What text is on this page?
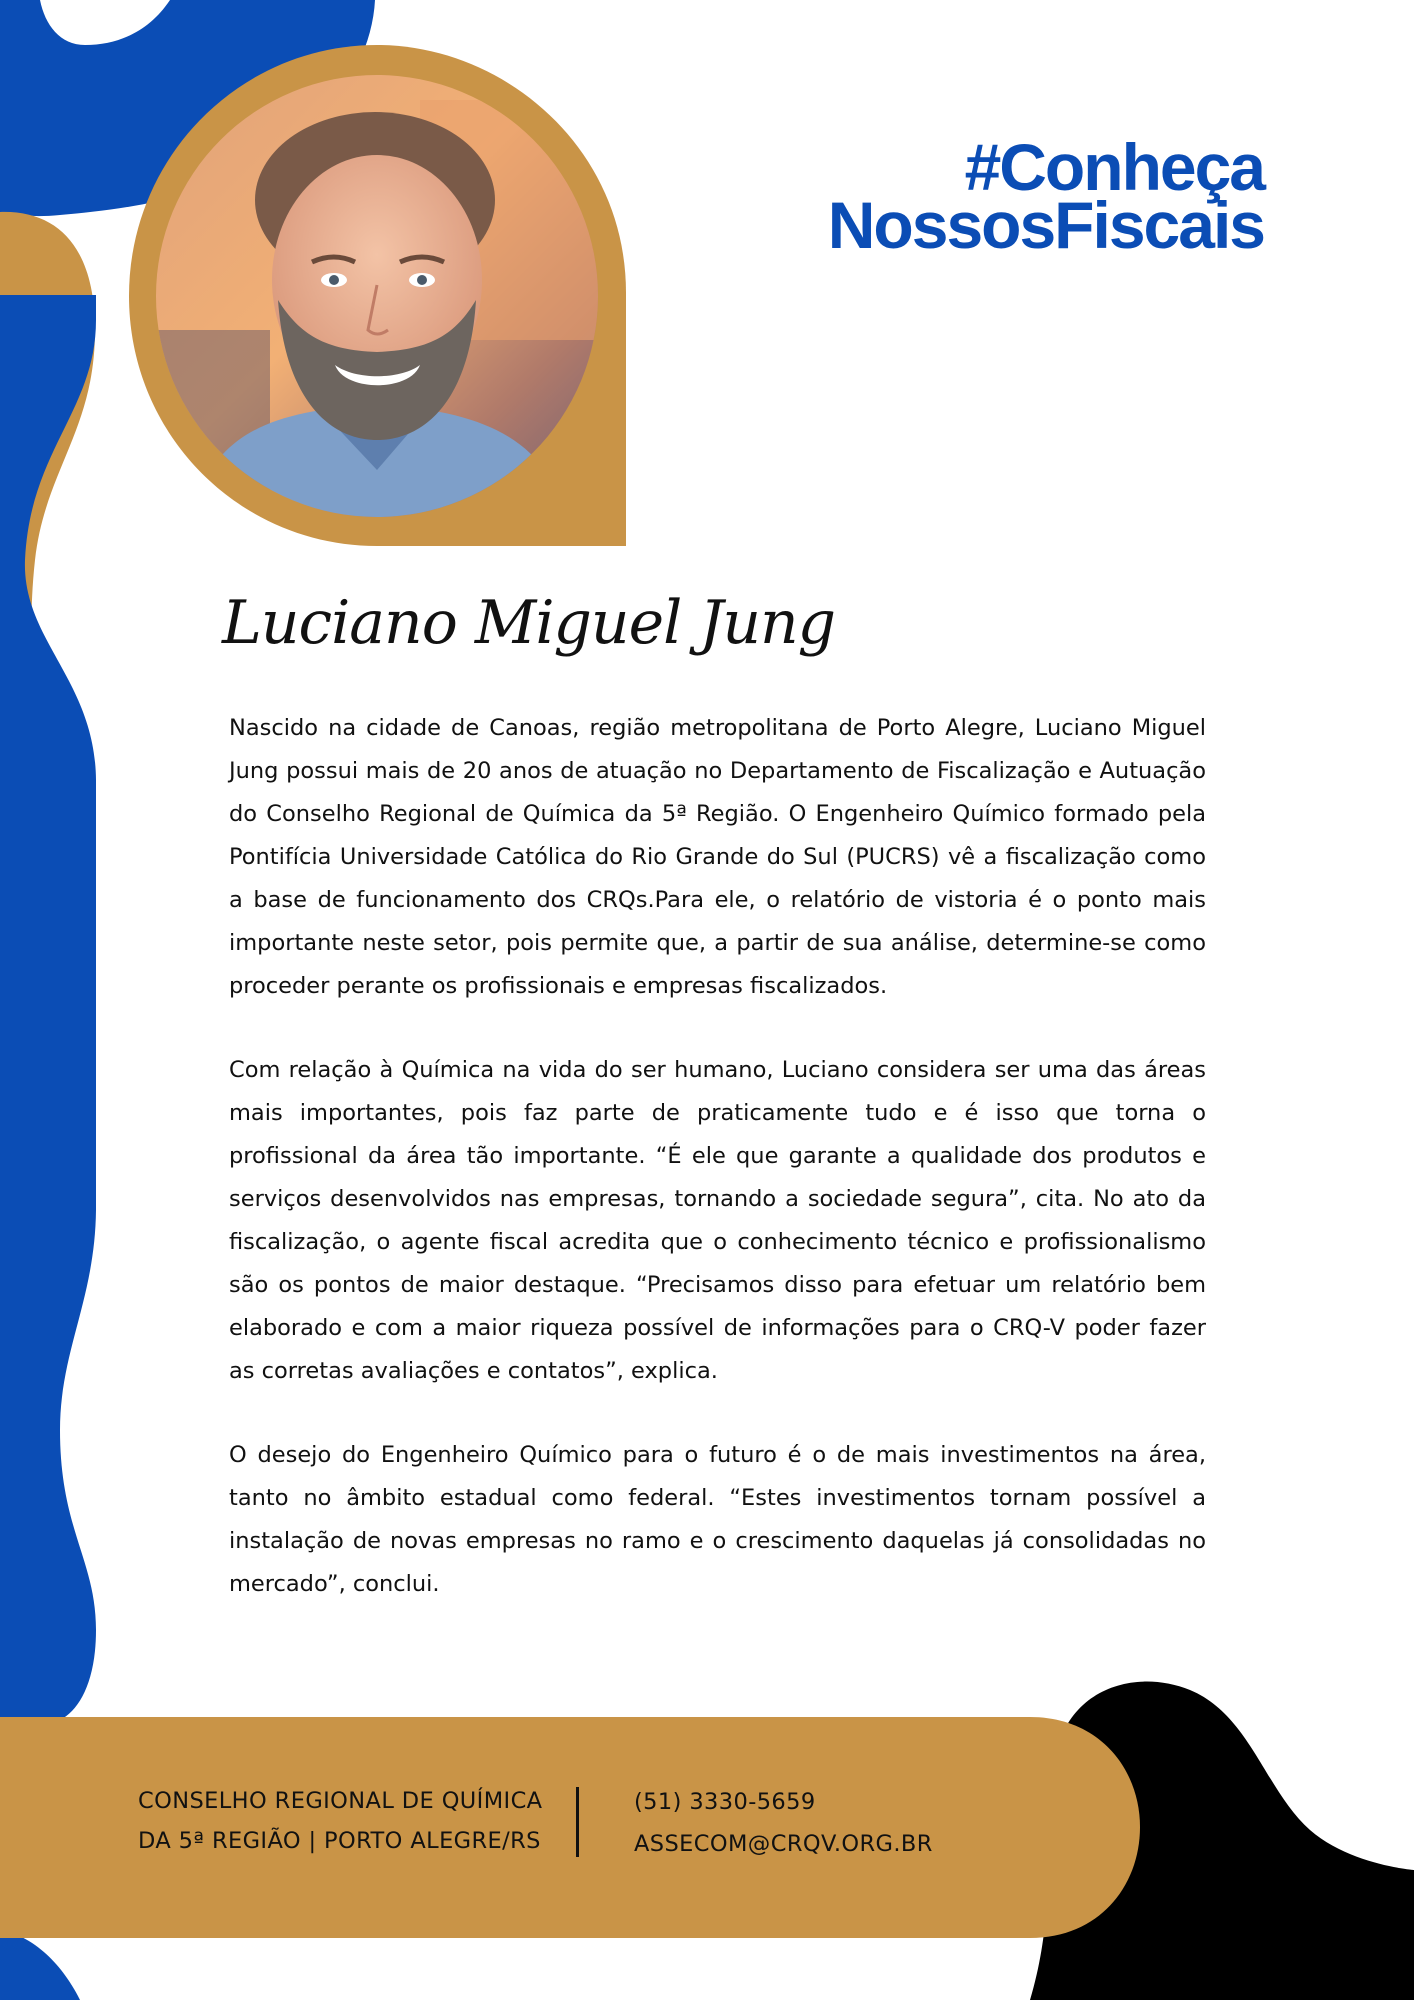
#Conheça
NossosFiscais
Luciano Miguel Jung

Nascido na cidade de Canoas, região metropolitana de Porto Alegre, Luciano Miguel Jung possui mais de 20 anos de atuação no Departamento de Fiscalização e Autuação do Conselho Regional de Química da 5ª Região. O Engenheiro Químico formado pela Pontifícia Universidade Católica do Rio Grande do Sul (PUCRS) vê a fiscalização como a base de funcionamento dos CRQs.Para ele, o relatório de vistoria é o ponto mais importante neste setor, pois permite que, a partir de sua análise, determine-se como proceder perante os profissionais e empresas fiscalizados.

Com relação à Química na vida do ser humano, Luciano considera ser uma das áreas mais importantes, pois faz parte de praticamente tudo e é isso que torna o profissional da área tão importante. “É ele que garante a qualidade dos produtos e serviços desenvolvidos nas empresas, tornando a sociedade segura”, cita. No ato da fiscalização, o agente fiscal acredita que o conhecimento técnico e profissionalismo são os pontos de maior destaque. “Precisamos disso para efetuar um relatório bem elaborado e com a maior riqueza possível de informações para o CRQ-V poder fazer as corretas avaliações e contatos”, explica.

O desejo do Engenheiro Químico para o futuro é o de mais investimentos na área, tanto no âmbito estadual como federal. “Estes investimentos tornam possível a instalação de novas empresas no ramo e o crescimento daquelas já consolidadas no mercado”, conclui.

CONSELHO REGIONAL DE QUÍMICA
DA 5ª REGIÃO | PORTO ALEGRE/RS
(51) 3330-5659
ASSECOM@CRQV.ORG.BR
